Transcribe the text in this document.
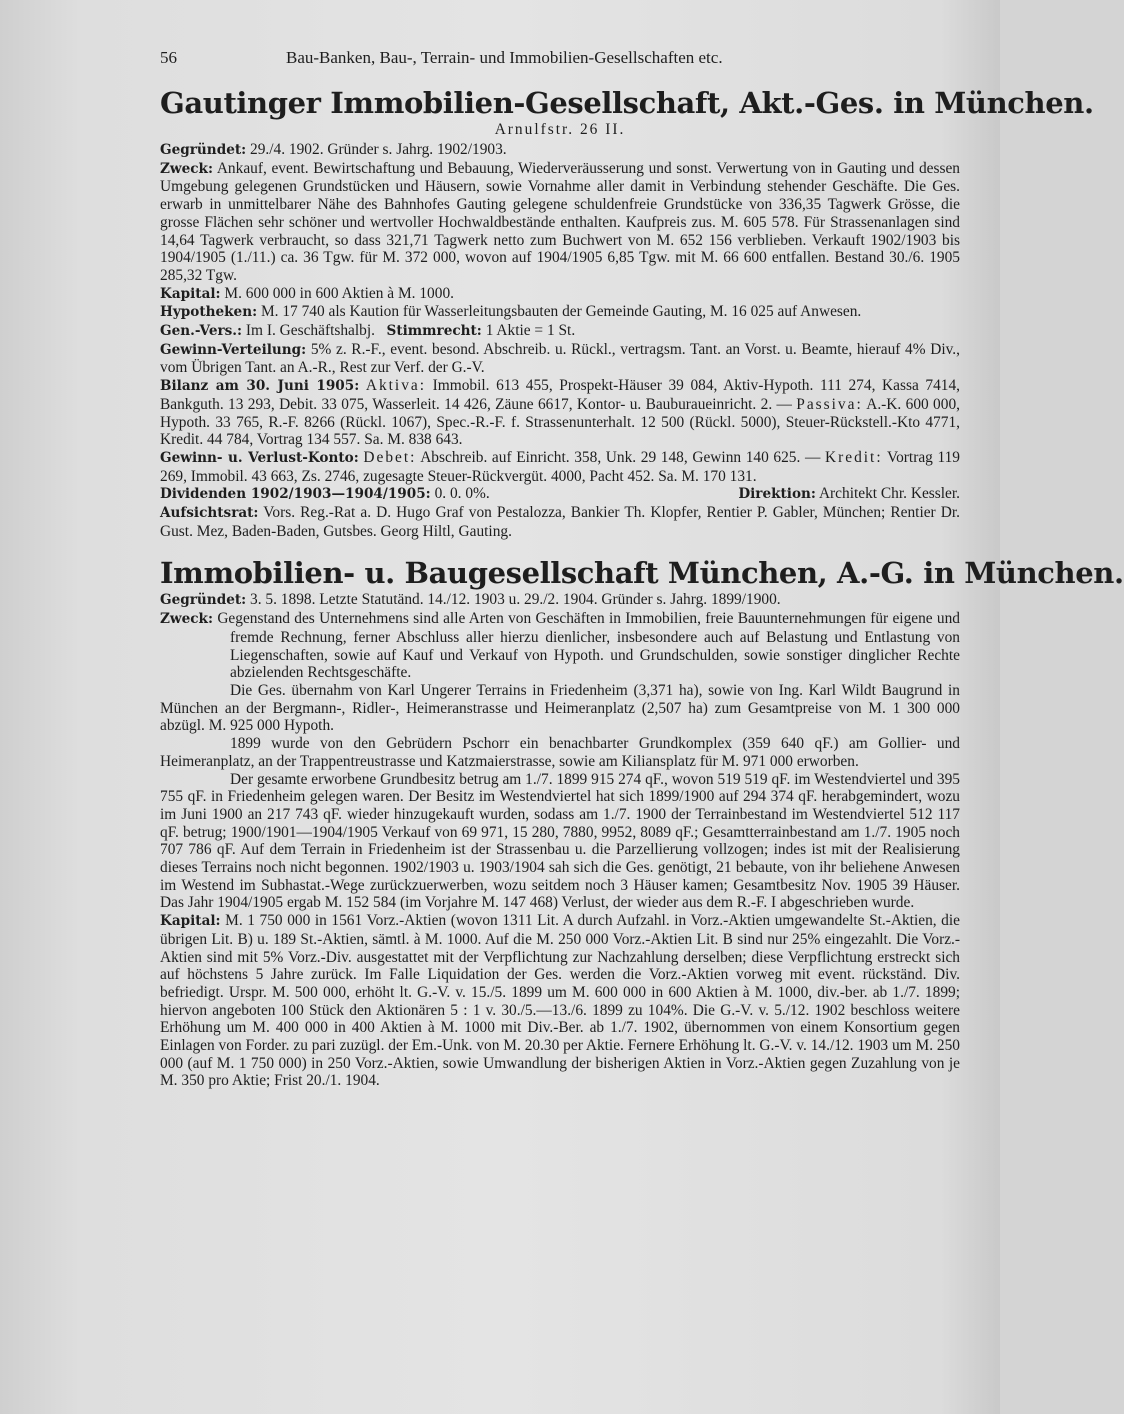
56	Bau-Banken, Bau-, Terrain- und Immobilien-Gesellschaften etc.
Gautinger Immobilien-Gesellschaft, Akt.-Ges. in München.
Arnulfstr. 26 II.

Gegründet: 29./4. 1902. Gründer s. Jahrg. 1902/1903.

Zweck: Ankauf, event. Bewirtschaftung und Bebauung, Wiederveräusserung und sonst. Verwertung von in Gauting und dessen Umgebung gelegenen Grundstücken und Häusern, sowie Vornahme aller damit in Verbindung stehender Geschäfte. Die Ges. erwarb in unmittelbarer Nähe des Bahnhofes Gauting gelegene schuldenfreie Grundstücke von 336,35 Tagwerk Grösse, die grosse Flächen sehr schöner und wertvoller Hochwaldbestände enthalten. Kaufpreis zus. M. 605 578. Für Strassenanlagen sind 14,64 Tagwerk verbraucht, so dass 321,71 Tagwerk netto zum Buchwert von M. 652 156 verblieben. Verkauft 1902/1903 bis 1904/1905 (1./11.) ca. 36 Tgw. für M. 372 000, wovon auf 1904/1905 6,85 Tgw. mit M. 66 600 entfallen. Bestand 30./6. 1905 285,32 Tgw.

Kapital: M. 600 000 in 600 Aktien à M. 1000.

Hypotheken: M. 17 740 als Kaution für Wasserleitungsbauten der Gemeinde Gauting, M. 16 025 auf Anwesen.

Gen.-Vers.: Im I. Geschäftshalbj. Stimmrecht: 1 Aktie = 1 St.

Gewinn-Verteilung: 5% z. R.-F., event. besond. Abschreib. u. Rückl., vertragsm. Tant. an Vorst. u. Beamte, hierauf 4% Div., vom Übrigen Tant. an A.-R., Rest zur Verf. der G.-V.

Bilanz am 30. Juni 1905: Aktiva: Immobil. 613 455, Prospekt-Häuser 39 084, Aktiv-Hypoth. 111 274, Kassa 7414, Bankguth. 13 293, Debit. 33 075, Wasserleit. 14 426, Zäune 6617, Kontor- u. Bauburaueinricht. 2. — Passiva: A.-K. 600 000, Hypoth. 33 765, R.-F. 8266 (Rückl. 1067), Spec.-R.-F. f. Strassenunterhalt. 12 500 (Rückl. 5000), Steuer-Rückstell.-Kto 4771, Kredit. 44 784, Vortrag 134 557. Sa. M. 838 643.

Gewinn- u. Verlust-Konto: Debet: Abschreib. auf Einricht. 358, Unk. 29 148, Gewinn 140 625. — Kredit: Vortrag 119 269, Immobil. 43 663, Zs. 2746, zugesagte Steuer-Rückvergüt. 4000, Pacht 452. Sa. M. 170 131.

Dividenden 1902/1903—1904/1905: 0. 0. 0%.	Direktion: Architekt Chr. Kessler.

Aufsichtsrat: Vors. Reg.-Rat a. D. Hugo Graf von Pestalozza, Bankier Th. Klopfer, Rentier P. Gabler, München; Rentier Dr. Gust. Mez, Baden-Baden, Gutsbes. Georg Hiltl, Gauting.

Immobilien- u. Baugesellschaft München, A.-G. in München.

Gegründet: 3. 5. 1898. Letzte Statutänd. 14./12. 1903 u. 29./2. 1904. Gründer s. Jahrg. 1899/1900.

Zweck: Gegenstand des Unternehmens sind alle Arten von Geschäften in Immobilien, freie Bauunternehmungen für eigene und fremde Rechnung, ferner Abschluss aller hierzu dienlicher, insbesondere auch auf Belastung und Entlastung von Liegenschaften, sowie auf Kauf und Verkauf von Hypoth. und Grundschulden, sowie sonstiger dinglicher Rechte abzielenden Rechtsgeschäfte.

Die Ges. übernahm von Karl Ungerer Terrains in Friedenheim (3,371 ha), sowie von Ing. Karl Wildt Baugrund in München an der Bergmann-, Ridler-, Heimeranstrasse und Heimeranplatz (2,507 ha) zum Gesamtpreise von M. 1 300 000 abzügl. M. 925 000 Hypoth.

1899 wurde von den Gebrüdern Pschorr ein benachbarter Grundkomplex (359 640 qF.) am Gollier- und Heimeranplatz, an der Trappentreustrasse und Katzmaierstrasse, sowie am Kiliansplatz für M. 971 000 erworben.

Der gesamte erworbene Grundbesitz betrug am 1./7. 1899 915 274 qF., wovon 519 519 qF. im Westendviertel und 395 755 qF. in Friedenheim gelegen waren. Der Besitz im Westendviertel hat sich 1899/1900 auf 294 374 qF. herabgemindert, wozu im Juni 1900 an 217 743 qF. wieder hinzugekauft wurden, sodass am 1./7. 1900 der Terrainbestand im Westendviertel 512 117 qF. betrug; 1900/1901—1904/1905 Verkauf von 69 971, 15 280, 7880, 9952, 8089 qF.; Gesamtterrainbestand am 1./7. 1905 noch 707 786 qF. Auf dem Terrain in Friedenheim ist der Strassenbau u. die Parzellierung vollzogen; indes ist mit der Realisierung dieses Terrains noch nicht begonnen. 1902/1903 u. 1903/1904 sah sich die Ges. genötigt, 21 bebaute, von ihr beliehene Anwesen im Westend im Subhastat.-Wege zurückzuerwerben, wozu seitdem noch 3 Häuser kamen; Gesamtbesitz Nov. 1905 39 Häuser. Das Jahr 1904/1905 ergab M. 152 584 (im Vorjahre M. 147 468) Verlust, der wieder aus dem R.-F. I abgeschrieben wurde.

Kapital: M. 1 750 000 in 1561 Vorz.-Aktien (wovon 1311 Lit. A durch Aufzahl. in Vorz.-Aktien umgewandelte St.-Aktien, die übrigen Lit. B) u. 189 St.-Aktien, sämtl. à M. 1000. Auf die M. 250 000 Vorz.-Aktien Lit. B sind nur 25% eingezahlt. Die Vorz.-Aktien sind mit 5% Vorz.-Div. ausgestattet mit der Verpflichtung zur Nachzahlung derselben; diese Verpflichtung erstreckt sich auf höchstens 5 Jahre zurück. Im Falle Liquidation der Ges. werden die Vorz.-Aktien vorweg mit event. rückständ. Div. befriedigt. Urspr. M. 500 000, erhöht lt. G.-V. v. 15./5. 1899 um M. 600 000 in 600 Aktien à M. 1000, div.-ber. ab 1./7. 1899; hiervon angeboten 100 Stück den Aktionären 5 : 1 v. 30./5.—13./6. 1899 zu 104%. Die G.-V. v. 5./12. 1902 beschloss weitere Erhöhung um M. 400 000 in 400 Aktien à M. 1000 mit Div.-Ber. ab 1./7. 1902, übernommen von einem Konsortium gegen Einlagen von Forder. zu pari zuzügl. der Em.-Unk. von M. 20.30 per Aktie. Fernere Erhöhung lt. G.-V. v. 14./12. 1903 um M. 250 000 (auf M. 1 750 000) in 250 Vorz.-Aktien, sowie Umwandlung der bisherigen Aktien in Vorz.-Aktien gegen Zuzahlung von je M. 350 pro Aktie; Frist 20./1. 1904.
